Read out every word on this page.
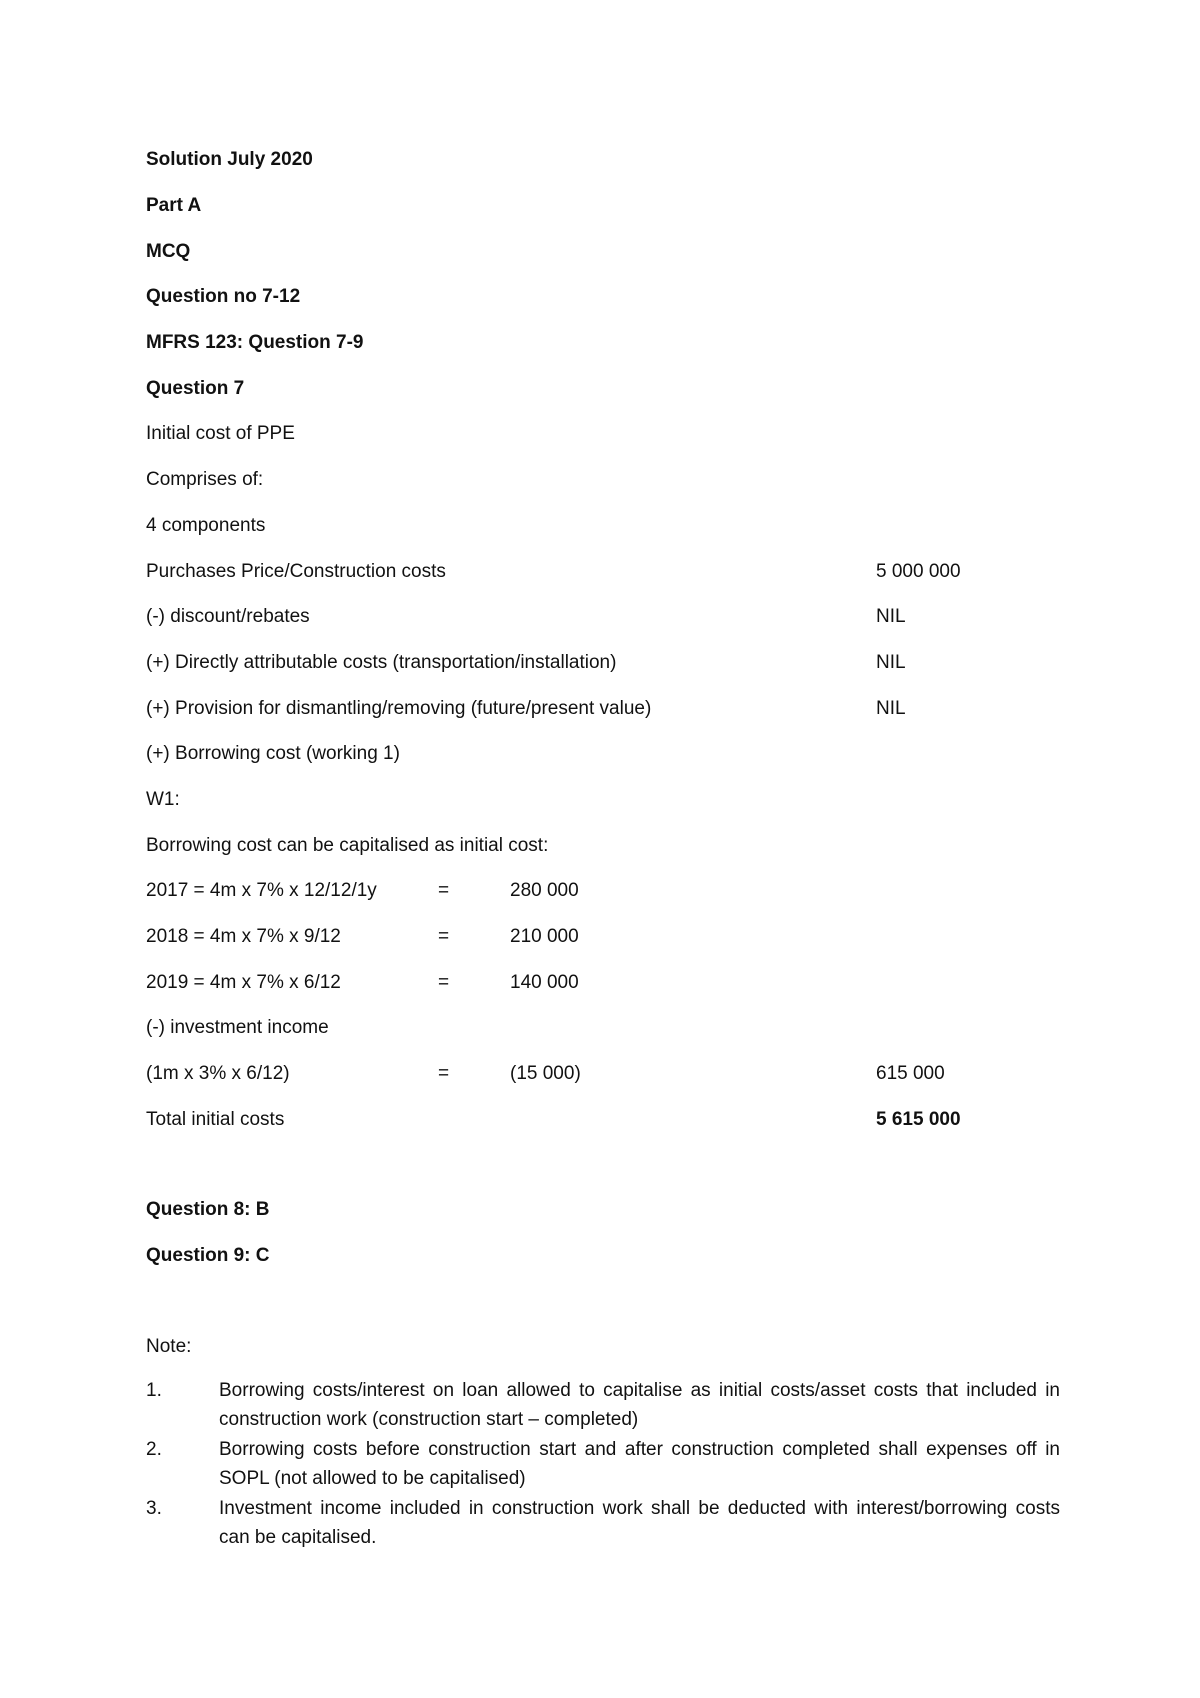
Solution July 2020
Part A
MCQ
Question no 7-12
MFRS 123: Question 7-9
Question 7
Initial cost of PPE
Comprises of:
4 components
Purchases Price/Construction costs	5 000 000
(-) discount/rebates	NIL
(+) Directly attributable costs (transportation/installation)	NIL
(+) Provision for dismantling/removing (future/present value)	NIL
(+) Borrowing cost (working 1)
W1:
Borrowing cost can be capitalised as initial cost:
2017 = 4m x 7% x 12/12/1y	=	280 000
2018 = 4m x 7% x 9/12	=	210 000
2019 = 4m x 7% x 6/12	=	140 000
(-) investment income
(1m x 3% x 6/12)	=	(15 000)	615 000
Total initial costs	5 615 000
Question 8: B
Question 9: C
Note:
1.	Borrowing costs/interest on loan allowed to capitalise as initial costs/asset costs that included in construction work (construction start – completed)
2.	Borrowing costs before construction start and after construction completed shall expenses off in SOPL (not allowed to be capitalised)
3.	Investment income included in construction work shall be deducted with interest/borrowing costs can be capitalised.
